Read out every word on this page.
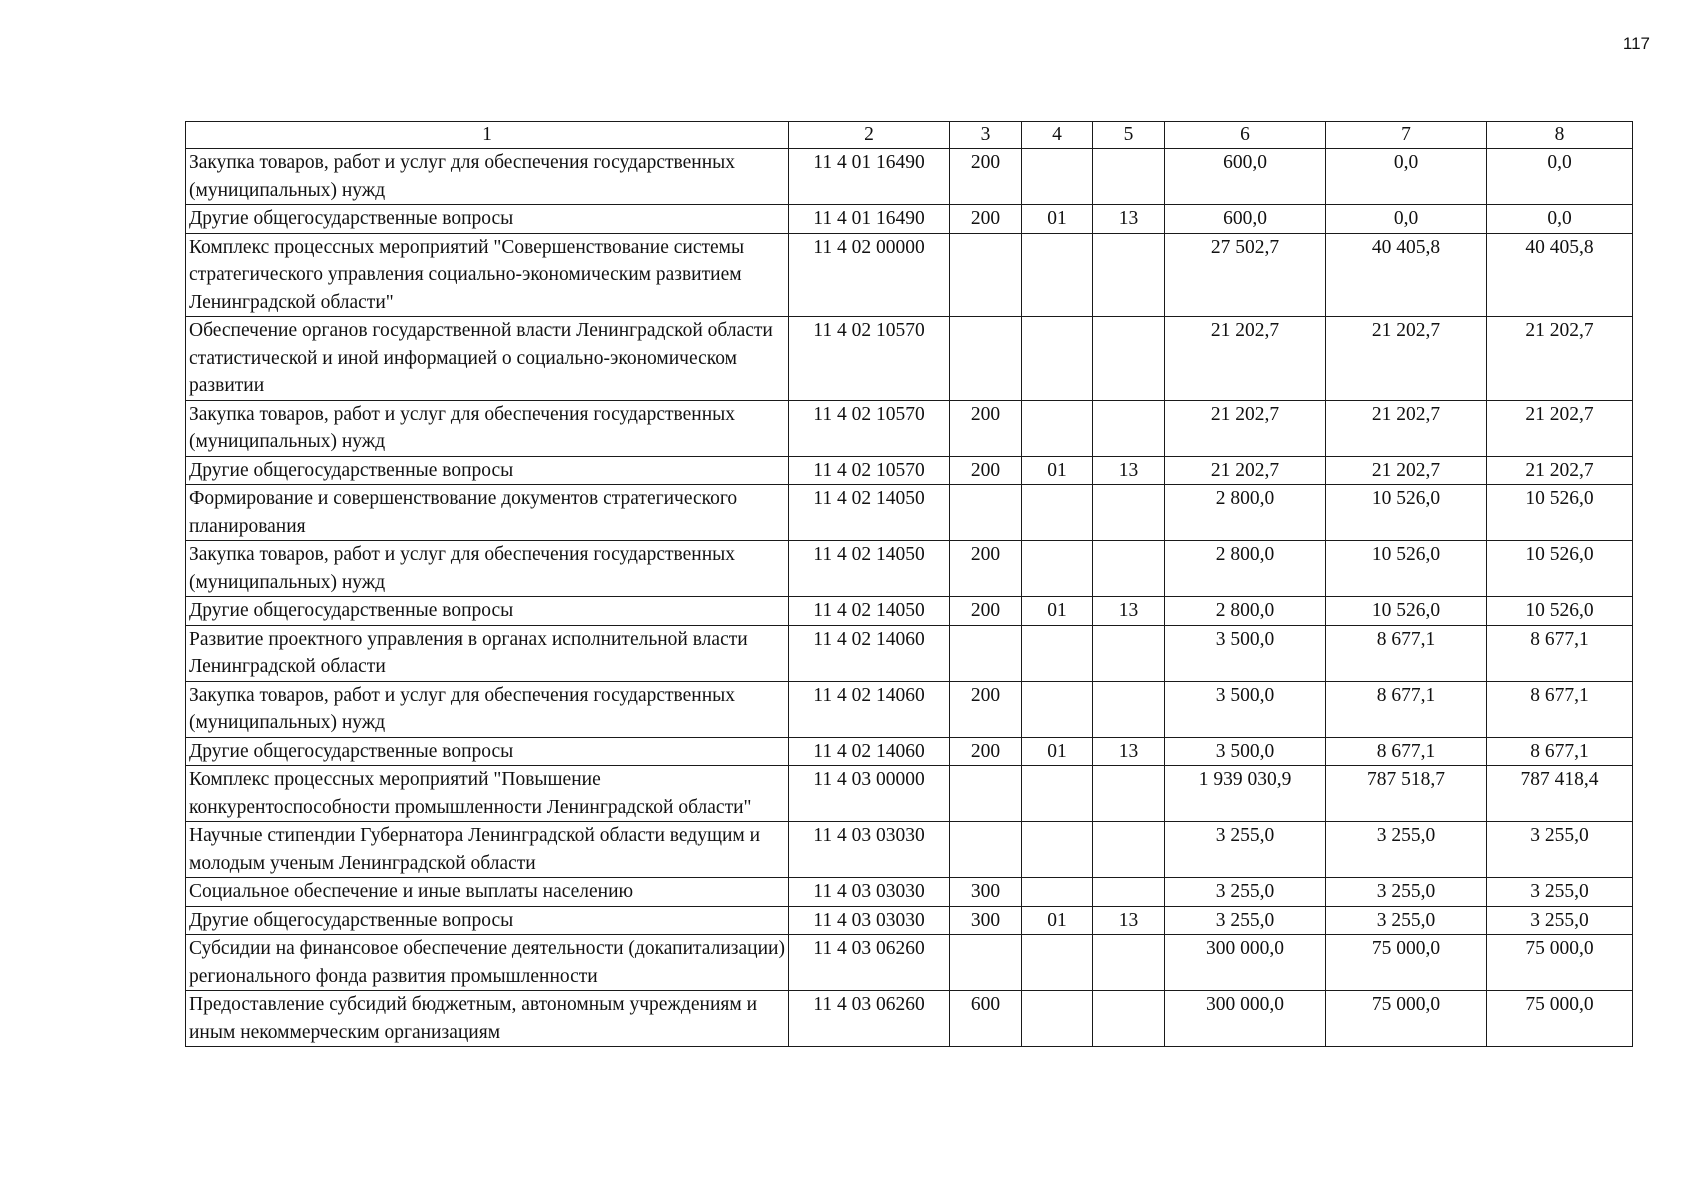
117
1	2	3	4	5	6	7	8
Закупка товаров, работ и услуг для обеспечения государственных (муниципальных) нужд	11 4 01 16490	200			600,0	0,0	0,0
Другие общегосударственные вопросы	11 4 01 16490	200	01	13	600,0	0,0	0,0
Комплекс процессных мероприятий "Совершенствование системы стратегического управления социально-экономическим развитием Ленинградской области"	11 4 02 00000				27 502,7	40 405,8	40 405,8
Обеспечение органов государственной власти Ленинградской области статистической и иной информацией о социально-экономическом развитии	11 4 02 10570				21 202,7	21 202,7	21 202,7
Закупка товаров, работ и услуг для обеспечения государственных (муниципальных) нужд	11 4 02 10570	200			21 202,7	21 202,7	21 202,7
Другие общегосударственные вопросы	11 4 02 10570	200	01	13	21 202,7	21 202,7	21 202,7
Формирование и совершенствование документов стратегического планирования	11 4 02 14050				2 800,0	10 526,0	10 526,0
Закупка товаров, работ и услуг для обеспечения государственных (муниципальных) нужд	11 4 02 14050	200			2 800,0	10 526,0	10 526,0
Другие общегосударственные вопросы	11 4 02 14050	200	01	13	2 800,0	10 526,0	10 526,0
Развитие проектного управления в органах исполнительной власти Ленинградской области	11 4 02 14060				3 500,0	8 677,1	8 677,1
Закупка товаров, работ и услуг для обеспечения государственных (муниципальных) нужд	11 4 02 14060	200			3 500,0	8 677,1	8 677,1
Другие общегосударственные вопросы	11 4 02 14060	200	01	13	3 500,0	8 677,1	8 677,1
Комплекс процессных мероприятий "Повышение конкурентоспособности промышленности Ленинградской области"	11 4 03 00000				1 939 030,9	787 518,7	787 418,4
Научные стипендии Губернатора Ленинградской области ведущим и молодым ученым Ленинградской области	11 4 03 03030				3 255,0	3 255,0	3 255,0
Социальное обеспечение и иные выплаты населению	11 4 03 03030	300			3 255,0	3 255,0	3 255,0
Другие общегосударственные вопросы	11 4 03 03030	300	01	13	3 255,0	3 255,0	3 255,0
Субсидии на финансовое обеспечение деятельности (докапитализации) регионального фонда развития промышленности	11 4 03 06260				300 000,0	75 000,0	75 000,0
Предоставление субсидий бюджетным, автономным учреждениям и иным некоммерческим организациям	11 4 03 06260	600			300 000,0	75 000,0	75 000,0
